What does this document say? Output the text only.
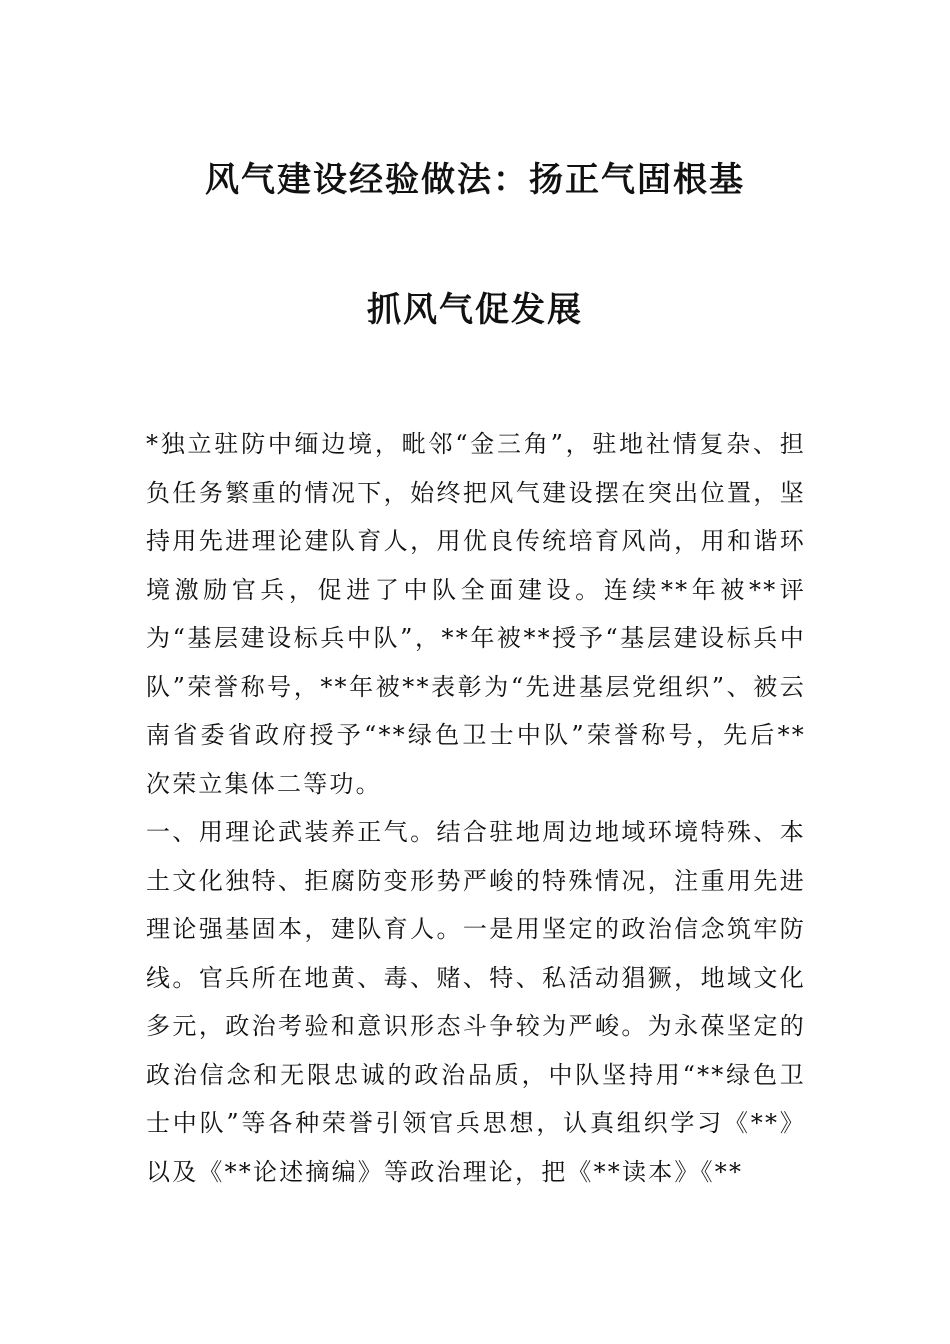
风气建设经验做法：扬正气固根基
抓风气促发展

*独立驻防中缅边境，毗邻“金三角”，驻地社情复杂、担负任务繁重的情况下，始终把风气建设摆在突出位置，坚持用先进理论建队育人，用优良传统培育风尚，用和谐环境激励官兵，促进了中队全面建设。连续**年被**评为“基层建设标兵中队”，**年被**授予“基层建设标兵中队”荣誉称号，**年被**表彰为“先进基层党组织”、被云南省委省政府授予“**绿色卫士中队”荣誉称号，先后**次荣立集体二等功。

一、用理论武装养正气。结合驻地周边地域环境特殊、本土文化独特、拒腐防变形势严峻的特殊情况，注重用先进理论强基固本，建队育人。一是用坚定的政治信念筑牢防线。官兵所在地黄、毒、赌、特、私活动猖獗，地域文化多元，政治考验和意识形态斗争较为严峻。为永葆坚定的政治信念和无限忠诚的政治品质，中队坚持用“**绿色卫士中队”等各种荣誉引领官兵思想，认真组织学习《**》以及《**论述摘编》等政治理论，把《**读本》《**
